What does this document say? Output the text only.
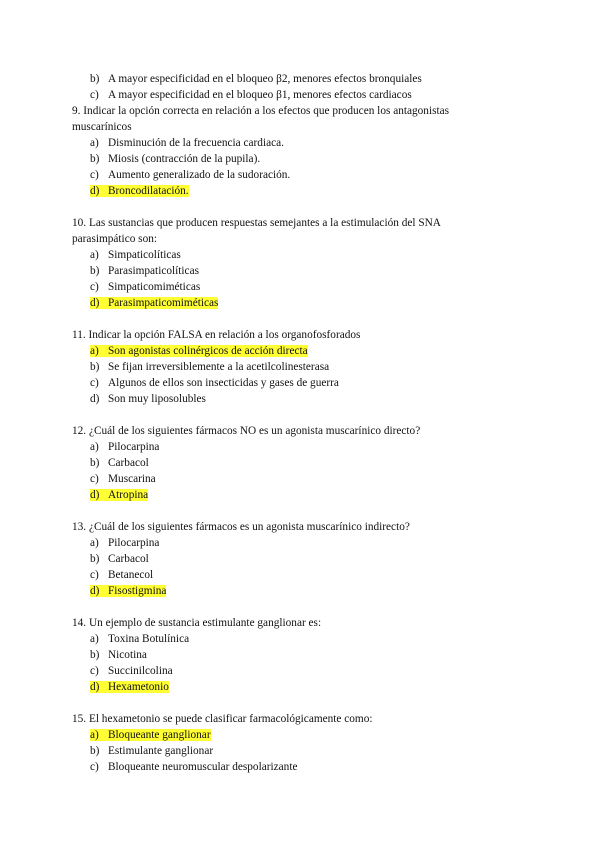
b) A mayor especificidad en el bloqueo β2, menores efectos bronquiales
c) A mayor especificidad en el bloqueo β1, menores efectos cardiacos
9. Indicar la opción correcta en relación a los efectos que producen los antagonistas
muscarínicos
a) Disminución de la frecuencia cardiaca.
b) Miosis (contracción de la pupila).
c) Aumento generalizado de la sudoración.
d) Broncodilatación.
10. Las sustancias que producen respuestas semejantes a la estimulación del SNA
parasimpático son:
a) Simpaticolíticas
b) Parasimpaticolíticas
c) Simpaticomiméticas
d) Parasimpaticomiméticas
11. Indicar la opción FALSA en relación a los organofosforados
a) Son agonistas colinérgicos de acción directa
b) Se fijan irreversiblemente a la acetilcolinesterasa
c) Algunos de ellos son insecticidas y gases de guerra
d) Son muy liposolubles
12. ¿Cuál de los siguientes fármacos NO es un agonista muscarínico directo?
a) Pilocarpina
b) Carbacol
c) Muscarina
d) Atropina
13. ¿Cuál de los siguientes fármacos es un agonista muscarínico indirecto?
a) Pilocarpina
b) Carbacol
c) Betanecol
d) Fisostigmina
14. Un ejemplo de sustancia estimulante ganglionar es:
a) Toxina Botulínica
b) Nicotina
c) Succinilcolina
d) Hexametonio
15. El hexametonio se puede clasificar farmacológicamente como:
a) Bloqueante ganglionar
b) Estimulante ganglionar
c) Bloqueante neuromuscular despolarizante
